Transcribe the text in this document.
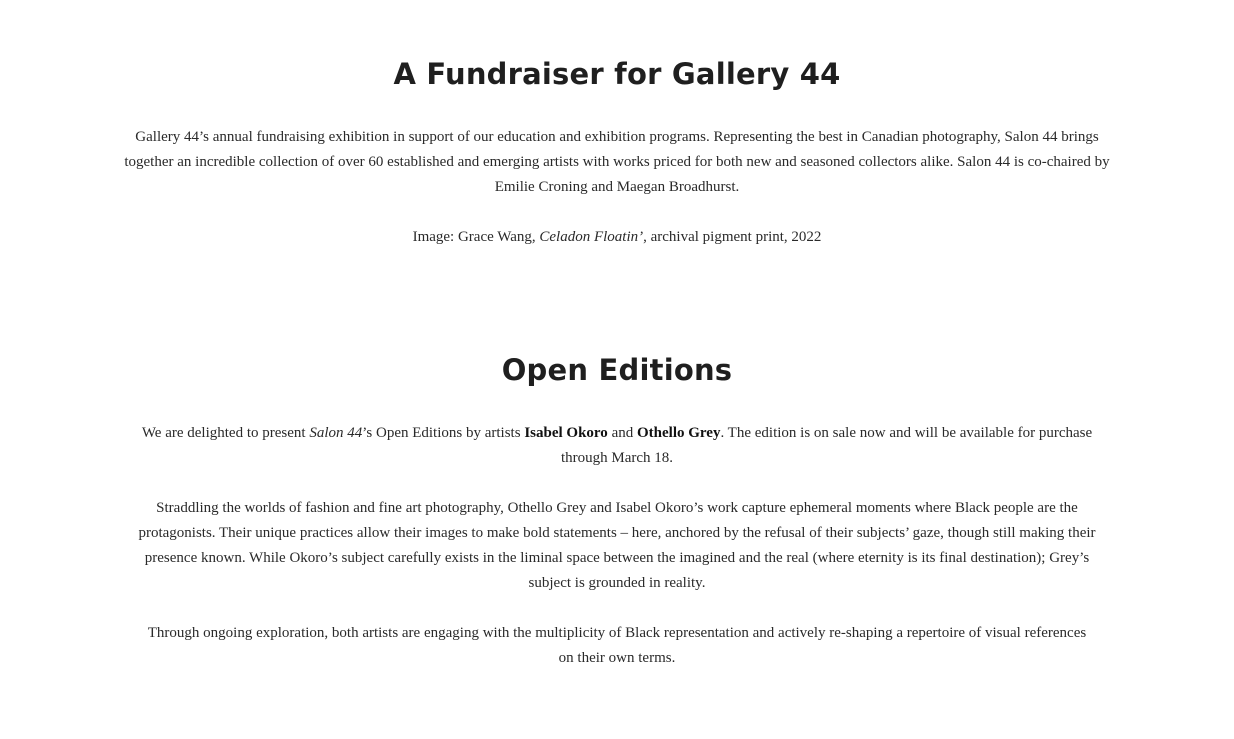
A Fundraiser for Gallery 44

Gallery 44’s annual fundraising exhibition in support of our education and exhibition programs. Representing the best in Canadian photography, Salon 44 brings together an incredible collection of over 60 established and emerging artists with works priced for both new and seasoned collectors alike. Salon 44 is co-chaired by Emilie Croning and Maegan Broadhurst.

Image: Grace Wang, Celadon Floatin’, archival pigment print, 2022

Open Editions

We are delighted to present Salon 44’s Open Editions by artists Isabel Okoro and Othello Grey. The edition is on sale now and will be available for purchase through March 18.

Straddling the worlds of fashion and fine art photography, Othello Grey and Isabel Okoro’s work capture ephemeral moments where Black people are the protagonists. Their unique practices allow their images to make bold statements – here, anchored by the refusal of their subjects’ gaze, though still making their presence known. While Okoro’s subject carefully exists in the liminal space between the imagined and the real (where eternity is its final destination); Grey’s subject is grounded in reality.

Through ongoing exploration, both artists are engaging with the multiplicity of Black representation and actively re-shaping a repertoire of visual references on their own terms.
